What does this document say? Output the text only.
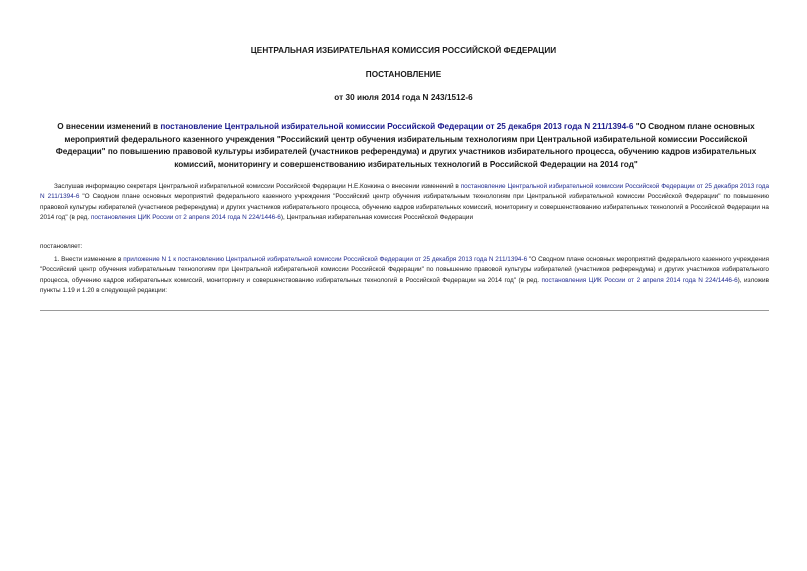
ЦЕНТРАЛЬНАЯ ИЗБИРАТЕЛЬНАЯ КОМИССИЯ РОССИЙСКОЙ ФЕДЕРАЦИИ
ПОСТАНОВЛЕНИЕ
от 30 июля 2014 года N 243/1512-6
О внесении изменений в постановление Центральной избирательной комиссии Российской Федерации от 25 декабря 2013 года N 211/1394-6 "О Сводном плане основных мероприятий федерального казенного учреждения "Российский центр обучения избирательным технологиям при Центральной избирательной комиссии Российской Федерации" по повышению правовой культуры избирателей (участников референдума) и других участников избирательного процесса, обучению кадров избирательных комиссий, мониторингу и совершенствованию избирательных технологий в Российской Федерации на 2014 год"
Заслушав информацию секретаря Центральной избирательной комиссии Российской Федерации Н.Е.Конкина о внесении изменений в постановление Центральной избирательной комиссии Российской Федерации от 25 декабря 2013 года N 211/1394-6 "О Сводном плане основных мероприятий федерального казенного учреждения "Российский центр обучения избирательным технологиям при Центральной избирательной комиссии Российской Федерации" по повышению правовой культуры избирателей (участников референдума) и других участников избирательного процесса, обучению кадров избирательных комиссий, мониторингу и совершенствованию избирательных технологий в Российской Федерации на 2014 год" (в ред. постановления ЦИК России от 2 апреля 2014 года N 224/1446-6), Центральная избирательная комиссия Российской Федерации
постановляет:
1. Внести изменение в приложение N 1 к постановлению Центральной избирательной комиссии Российской Федерации от 25 декабря 2013 года N 211/1394-6 "О Сводном плане основных мероприятий федерального казенного учреждения "Российский центр обучения избирательным технологиям при Центральной избирательной комиссии Российской Федерации" по повышению правовой культуры избирателей (участников референдума) и других участников избирательного процесса, обучению кадров избирательных комиссий, мониторингу и совершенствованию избирательных технологий в Российской Федерации на 2014 год" (в ред. постановления ЦИК России от 2 апреля 2014 года N 224/1446-6), изложив пункты 1.19 и 1.20 в следующей редакции:
